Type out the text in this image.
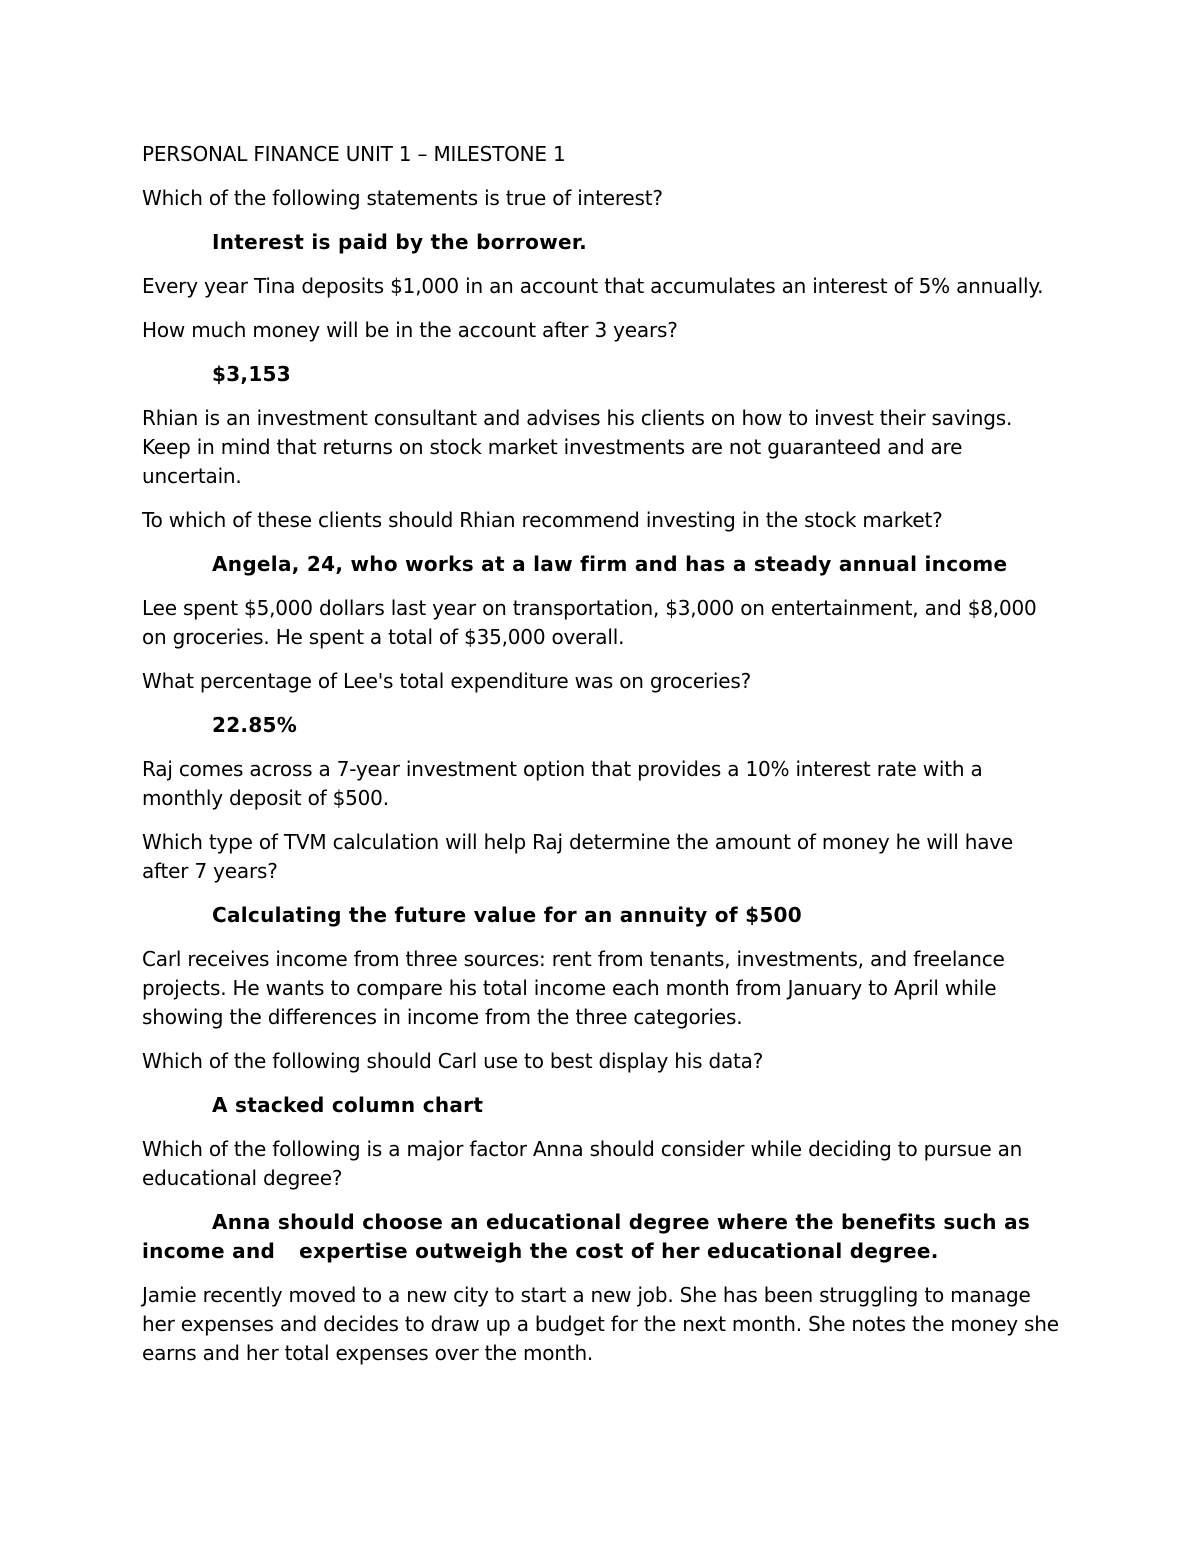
PERSONAL FINANCE UNIT 1 – MILESTONE 1

Which of the following statements is true of interest?

Interest is paid by the borrower.

Every year Tina deposits $1,000 in an account that accumulates an interest of 5% annually.

How much money will be in the account after 3 years?

$3,153

Rhian is an investment consultant and advises his clients on how to invest their savings. Keep in mind that returns on stock market investments are not guaranteed and are uncertain.

To which of these clients should Rhian recommend investing in the stock market?

Angela, 24, who works at a law firm and has a steady annual income

Lee spent $5,000 dollars last year on transportation, $3,000 on entertainment, and $8,000 on groceries. He spent a total of $35,000 overall.

What percentage of Lee's total expenditure was on groceries?

22.85%

Raj comes across a 7-year investment option that provides a 10% interest rate with a monthly deposit of $500.

Which type of TVM calculation will help Raj determine the amount of money he will have after 7 years?

Calculating the future value for an annuity of $500

Carl receives income from three sources: rent from tenants, investments, and freelance projects. He wants to compare his total income each month from January to April while showing the differences in income from the three categories.

Which of the following should Carl use to best display his data?

A stacked column chart

Which of the following is a major factor Anna should consider while deciding to pursue an educational degree?

Anna should choose an educational degree where the benefits such as income and expertise outweigh the cost of her educational degree.

Jamie recently moved to a new city to start a new job. She has been struggling to manage her expenses and decides to draw up a budget for the next month. She notes the money she earns and her total expenses over the month.
